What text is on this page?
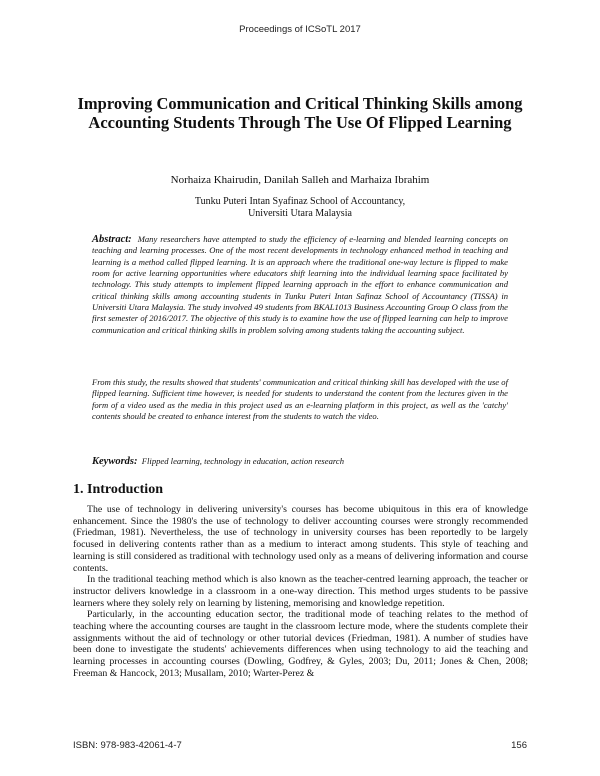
Proceedings of ICSoTL 2017
Improving Communication and Critical Thinking Skills among Accounting Students Through The Use Of Flipped Learning
Norhaiza Khairudin, Danilah Salleh and Marhaiza Ibrahim
Tunku Puteri Intan Syafinaz School of Accountancy,
Universiti Utara Malaysia

Abstract: Many researchers have attempted to study the efficiency of e-learning and blended learning concepts on teaching and learning processes. One of the most recent developments in technology enhanced method in teaching and learning is a method called flipped learning. It is an approach where the traditional one-way lecture is flipped to make room for active learning opportunities where educators shift learning into the individual learning space facilitated by technology. This study attempts to implement flipped learning approach in the effort to enhance communication and critical thinking skills among accounting students in Tunku Puteri Intan Safinaz School of Accountancy (TISSA) in Universiti Utara Malaysia. The study involved 49 students from BKAL1013 Business Accounting Group O class from the first semester of 2016/2017. The objective of this study is to examine how the use of flipped learning can help to improve communication and critical thinking skills in problem solving among students taking the accounting subject.

From this study, the results showed that students' communication and critical thinking skill has developed with the use of flipped learning. Sufficient time however, is needed for students to understand the content from the lectures given in the form of a video used as the media in this project used as an e-learning platform in this project, as well as the 'catchy' contents should be created to enhance interest from the students to watch the video.

Keywords: Flipped learning, technology in education, action research

1. Introduction

The use of technology in delivering university's courses has become ubiquitous in this era of knowledge enhancement. Since the 1980's the use of technology to deliver accounting courses were strongly recommended (Friedman, 1981). Nevertheless, the use of technology in university courses has been reportedly to be largely focused in delivering contents rather than as a medium to interact among students. This style of teaching and learning is still considered as traditional with technology used only as a means of delivering information and course contents.

In the traditional teaching method which is also known as the teacher-centred learning approach, the teacher or instructor delivers knowledge in a classroom in a one-way direction. This method urges students to be passive learners where they solely rely on learning by listening, memorising and knowledge repetition.

Particularly, in the accounting education sector, the traditional mode of teaching relates to the method of teaching where the accounting courses are taught in the classroom lecture mode, where the students complete their assignments without the aid of technology or other tutorial devices (Friedman, 1981). A number of studies have been done to investigate the students' achievements differences when using technology to aid the teaching and learning processes in accounting courses (Dowling, Godfrey, & Gyles, 2003; Du, 2011; Jones & Chen, 2008; Freeman & Hancock, 2013; Musallam, 2010; Warter-Perez &

ISBN: 978-983-42061-4-7	156
